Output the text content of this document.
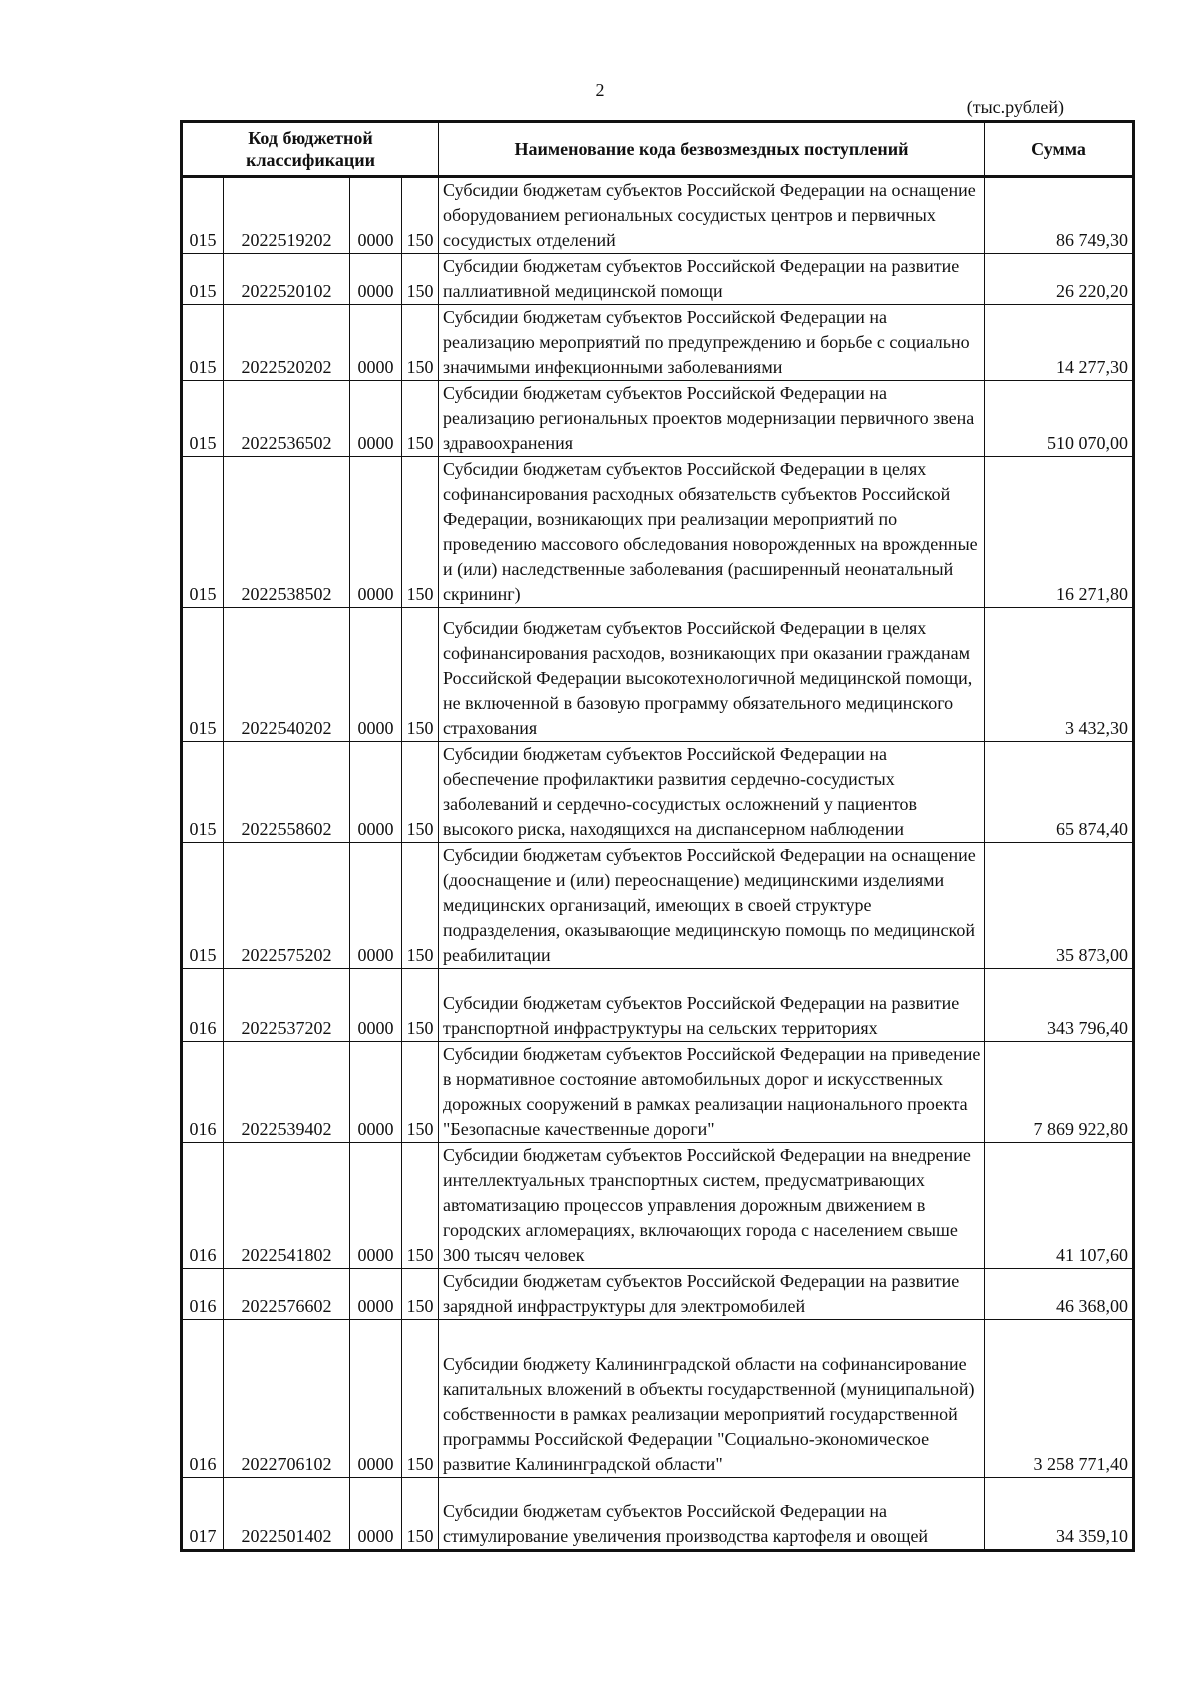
2
(тыс.рублей)
Код бюджетной классификации				Наименование кода безвозмездных поступлений	Сумма
015	2022519202	0000	150	Субсидии бюджетам субъектов Российской Федерации на оснащение оборудованием региональных сосудистых центров и первичных сосудистых отделений	86 749,30
015	2022520102	0000	150	Субсидии бюджетам субъектов Российской Федерации на развитие паллиативной медицинской помощи	26 220,20
015	2022520202	0000	150	Субсидии бюджетам субъектов Российской Федерации на реализацию мероприятий по предупреждению и борьбе с социально значимыми инфекционными заболеваниями	14 277,30
015	2022536502	0000	150	Субсидии бюджетам субъектов Российской Федерации на реализацию региональных проектов модернизации первичного звена здравоохранения	510 070,00
015	2022538502	0000	150	Субсидии бюджетам субъектов Российской Федерации в целях софинансирования расходных обязательств субъектов Российской Федерации, возникающих при реализации мероприятий по проведению массового обследования новорожденных на врожденные и (или) наследственные заболевания (расширенный неонатальный скрининг)	16 271,80
015	2022540202	0000	150	Субсидии бюджетам субъектов Российской Федерации в целях софинансирования расходов, возникающих при оказании гражданам Российской Федерации высокотехнологичной медицинской помощи, не включенной в базовую программу обязательного медицинского страхования	3 432,30
015	2022558602	0000	150	Субсидии бюджетам субъектов Российской Федерации на обеспечение профилактики развития сердечно-сосудистых заболеваний и сердечно-сосудистых осложнений у пациентов высокого риска, находящихся на диспансерном наблюдении	65 874,40
015	2022575202	0000	150	Субсидии бюджетам субъектов Российской Федерации на оснащение (дооснащение и (или) переоснащение) медицинскими изделиями медицинских организаций, имеющих в своей структуре подразделения, оказывающие медицинскую помощь по медицинской реабилитации	35 873,00
016	2022537202	0000	150	Субсидии бюджетам субъектов Российской Федерации на развитие транспортной инфраструктуры на сельских территориях	343 796,40
016	2022539402	0000	150	Субсидии бюджетам субъектов Российской Федерации на приведение в нормативное состояние автомобильных дорог и искусственных дорожных сооружений в рамках реализации национального проекта "Безопасные качественные дороги"	7 869 922,80
016	2022541802	0000	150	Субсидии бюджетам субъектов Российской Федерации на внедрение интеллектуальных транспортных систем, предусматривающих автоматизацию процессов управления дорожным движением в городских агломерациях, включающих города с населением свыше 300 тысяч человек	41 107,60
016	2022576602	0000	150	Субсидии бюджетам субъектов Российской Федерации на развитие зарядной инфраструктуры для электромобилей	46 368,00
016	2022706102	0000	150	Субсидии бюджету Калининградской области на софинансирование капитальных вложений в объекты государственной (муниципальной) собственности в рамках реализации мероприятий государственной программы Российской Федерации "Социально-экономическое развитие Калининградской области"	3 258 771,40
017	2022501402	0000	150	Субсидии бюджетам субъектов Российской Федерации на стимулирование увеличения производства картофеля и овощей	34 359,10
